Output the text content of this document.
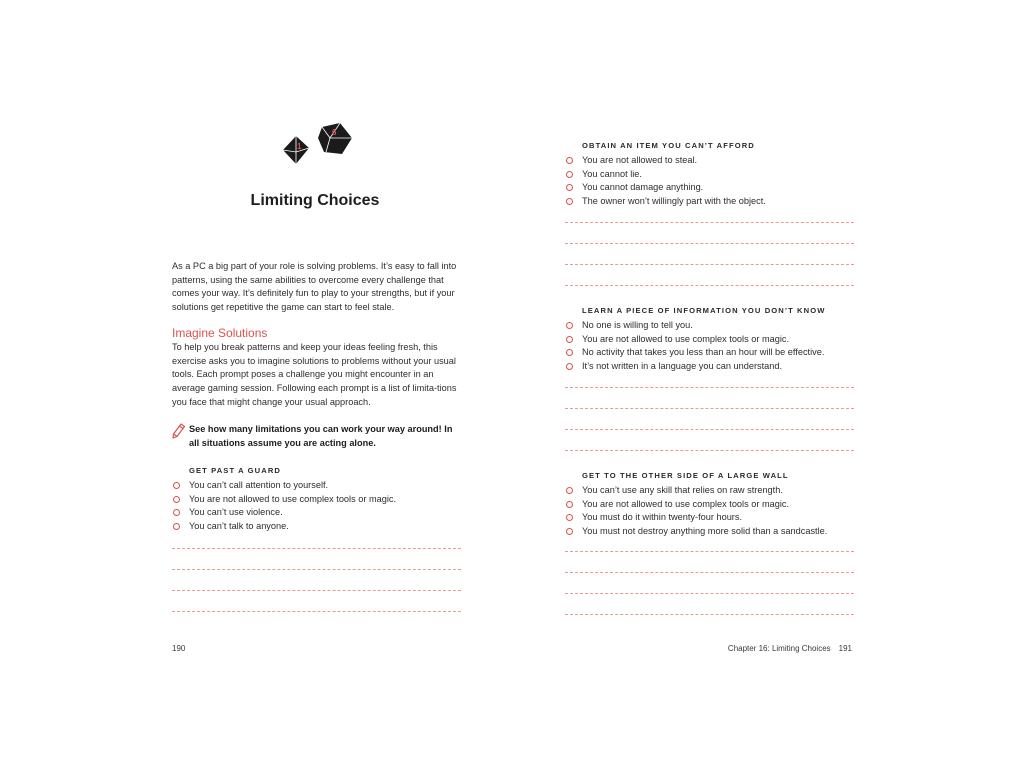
1
6
Limiting Choices

As a PC a big part of your role is solving problems. It’s easy to fall into patterns, using the same abilities to overcome every challenge that comes your way. It’s definitely fun to play to your strengths, but if your solutions get repetitive the game can start to feel stale.

Imagine Solutions

To help you break patterns and keep your ideas feeling fresh, this exercise asks you to imagine solutions to problems without your usual tools. Each prompt poses a challenge you might encounter in an average gaming session. Following each prompt is a list of limita-tions you face that might change your usual approach.

See how many limitations you can work your way around! In all situations assume you are acting alone.

GET PAST A GUARD

You can’t call attention to yourself.
You are not allowed to use complex tools or magic.
You can’t use violence.
You can’t talk to anyone.

190

OBTAIN AN ITEM YOU CAN’T AFFORD

You are not allowed to steal.
You cannot lie.
You cannot damage anything.
The owner won’t willingly part with the object.

LEARN A PIECE OF INFORMATION YOU DON’T KNOW

No one is willing to tell you.
You are not allowed to use complex tools or magic.
No activity that takes you less than an hour will be effective.
It’s not written in a language you can understand.

GET TO THE OTHER SIDE OF A LARGE WALL

You can’t use any skill that relies on raw strength.
You are not allowed to use complex tools or magic.
You must do it within twenty-four hours.
You must not destroy anything more solid than a sandcastle.

Chapter 16: Limiting Choices 191
